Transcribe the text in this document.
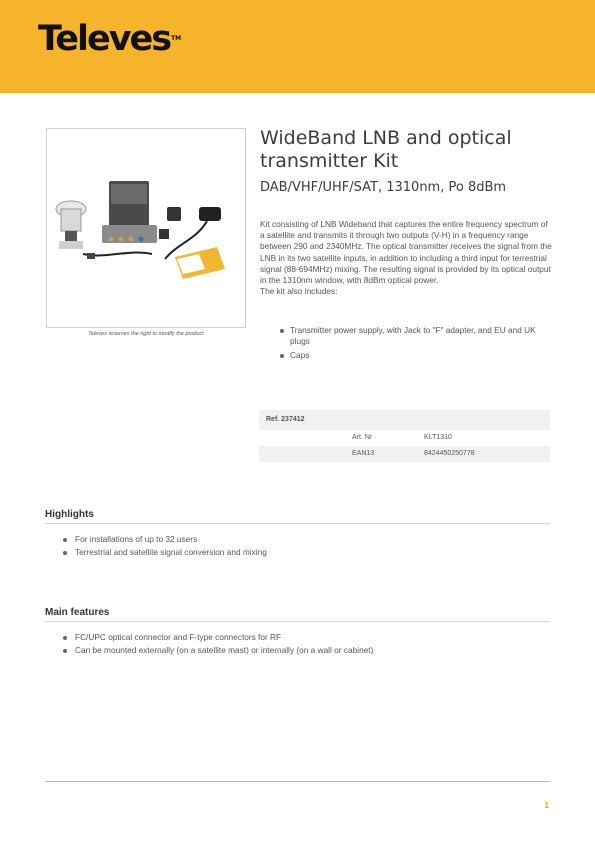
Televes™
Televes reserves the right to modify the product
WideBand LNB and optical transmitter Kit
DAB/VHF/UHF/SAT, 1310nm, Po 8dBm

Kit consisting of LNB Wideband that captures the entire frequency spectrum of a satellite and transmits it through two outputs (V-H) in a frequency range between 290 and 2340MHz. The optical transmitter receives the signal from the LNB in its two satellite inputs, in addition to including a third input for terrestrial signal (88-694MHz) mixing. The resulting signal is provided by its optical output in the 1310nm window, with 8dBm optical power.

The kit also includes:

Transmitter power supply, with Jack to "F" adapter, and EU and UK plugs
Caps
Ref. 237412
Art. Nr	KLT1310
EAN13	8424450250778
Highlights
For installations of up to 32 users
Terrestrial and satellite signal conversion and mixing
Main features
FC/UPC optical connector and F-type connectors for RF
Can be mounted externally (on a satellite mast) or internally (on a wall or cabinet)
1
